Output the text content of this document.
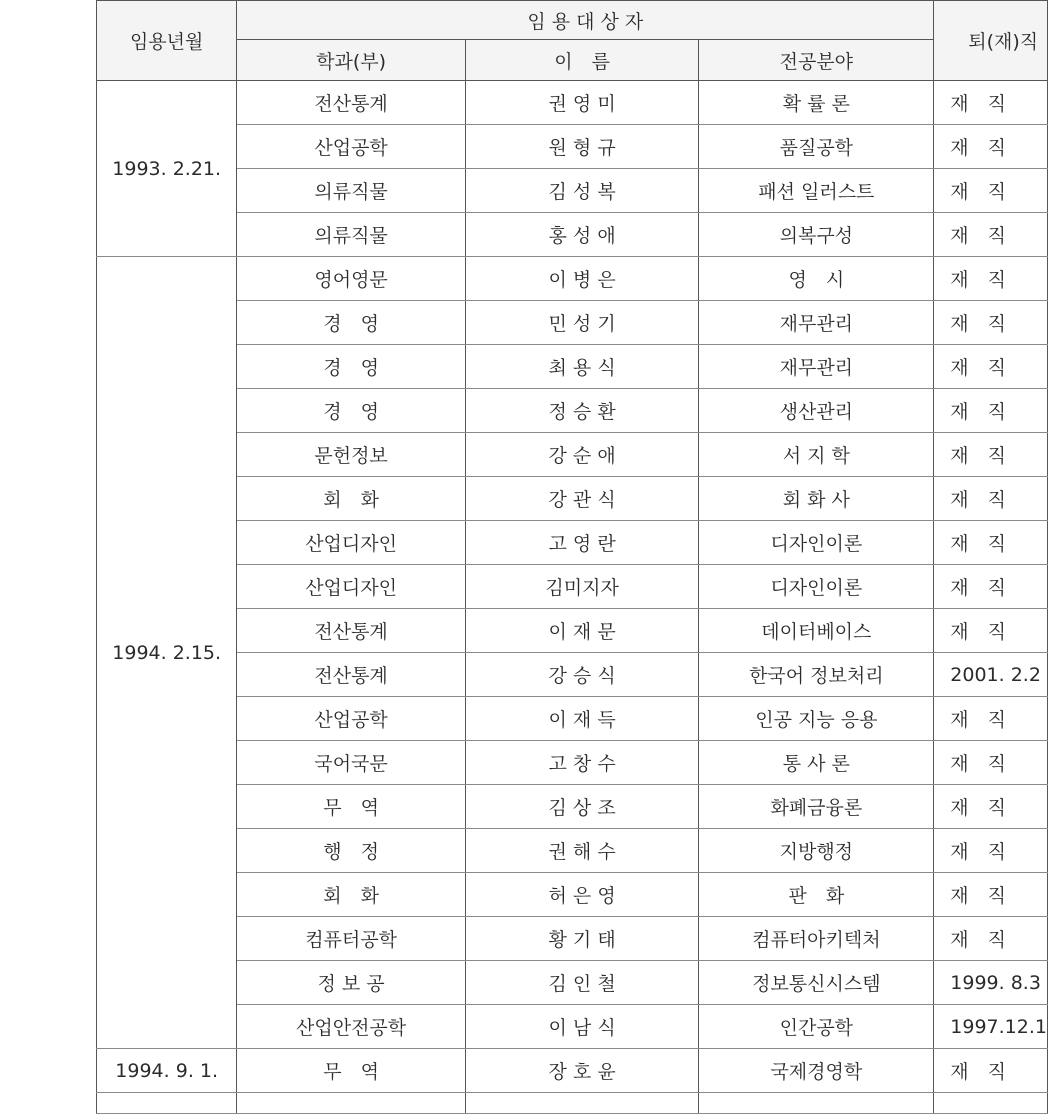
임용년월	임 용 대 상 자			퇴(재)직
	학과(부)	이　름	전공분야	
1993. 2.21.	전산통계	권 영 미	확 률 론	재　직
	산업공학	원 형 규	품질공학	재　직
	의류직물	김 성 복	패션 일러스트	재　직
	의류직물	홍 성 애	의복구성	재　직
1994. 2.15.	영어영문	이 병 은	영　시	재　직
	경　영	민 성 기	재무관리	재　직
	경　영	최 용 식	재무관리	재　직
	경　영	정 승 환	생산관리	재　직
	문헌정보	강 순 애	서 지 학	재　직
	회　화	강 관 식	회 화 사	재　직
	산업디자인	고 영 란	디자인이론	재　직
	산업디자인	김미지자	디자인이론	재　직
	전산통계	이 재 문	데이터베이스	재　직
	전산통계	강 승 식	한국어 정보처리	2001. 2.2
	산업공학	이 재 득	인공 지능 응용	재　직
	국어국문	고 창 수	통 사 론	재　직
	무　역	김 상 조	화폐금융론	재　직
	행　정	권 해 수	지방행정	재　직
	회　화	허 은 영	판　화	재　직
	컴퓨터공학	황 기 태	컴퓨터아키텍처	재　직
	정 보 공	김 인 철	정보통신시스템	1999. 8.3
	산업안전공학	이 남 식	인간공학	1997.12.1
1994. 9. 1.	무　역	장 호 윤	국제경영학	재　직
